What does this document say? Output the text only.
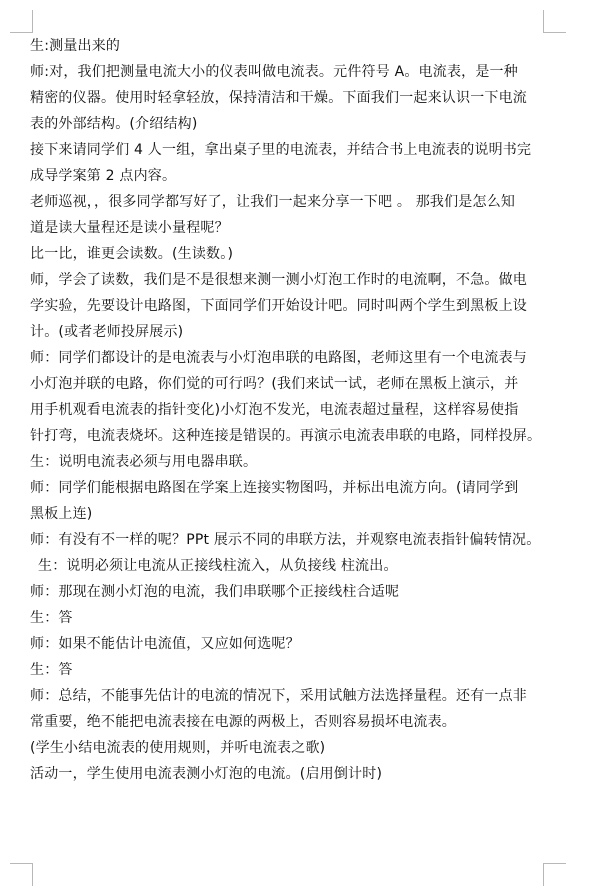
生:测量出来的
师:对，我们把测量电流大小的仪表叫做电流表。元件符号 A。电流表，是一种
精密的仪器。使用时轻拿轻放，保持清洁和干燥。下面我们一起来认识一下电流
表的外部结构。(介绍结构)
接下来请同学们 4 人一组，拿出桌子里的电流表，并结合书上电流表的说明书完
成导学案第 2 点内容。
老师巡视，，很多同学都写好了，让我们一起来分享一下吧 。 那我们是怎么知
道是读大量程还是读小量程呢？
比一比，谁更会读数。(生读数。)
师，学会了读数，我们是不是很想来测一测小灯泡工作时的电流啊，不急。做电
学实验，先要设计电路图，下面同学们开始设计吧。同时叫两个学生到黑板上设
计。(或者老师投屏展示)
师：同学们都设计的是电流表与小灯泡串联的电路图，老师这里有一个电流表与
小灯泡并联的电路，你们觉的可行吗？(我们来试一试，老师在黑板上演示，并
用手机观看电流表的指针变化)小灯泡不发光，电流表超过量程，这样容易使指
针打弯，电流表烧坏。这种连接是错误的。再演示电流表串联的电路，同样投屏。
生：说明电流表必须与用电器串联。
师：同学们能根据电路图在学案上连接实物图吗，并标出电流方向。(请同学到
黑板上连)
师：有没有不一样的呢？PPt 展示不同的串联方法，并观察电流表指针偏转情况。
生：说明必须让电流从正接线柱流入，从负接线 柱流出。
师：那现在测小灯泡的电流，我们串联哪个正接线柱合适呢
生：答
师：如果不能估计电流值，又应如何选呢？
生：答
师：总结，不能事先估计的电流的情况下，采用试触方法选择量程。还有一点非
常重要，绝不能把电流表接在电源的两极上，否则容易损坏电流表。
(学生小结电流表的使用规则，并听电流表之歌)
活动一，学生使用电流表测小灯泡的电流。(启用倒计时)
